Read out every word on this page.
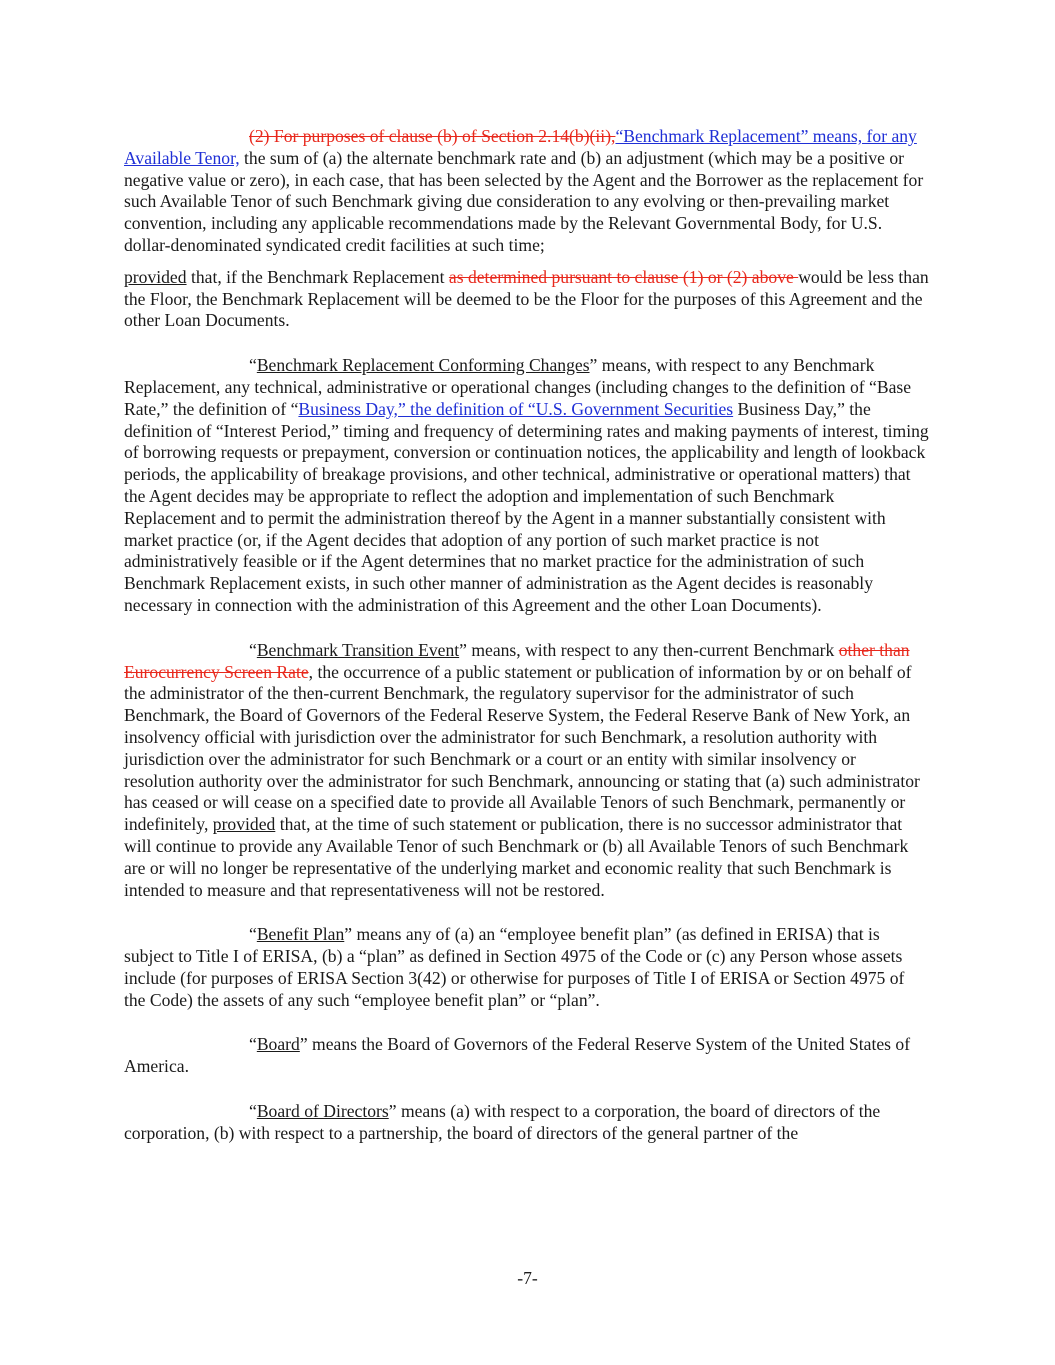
(2) For purposes of clause (b) of Section 2.14(b)(ii),“Benchmark Replacement” means, for any Available Tenor, the sum of (a) the alternate benchmark rate and (b) an adjustment (which may be a positive or negative value or zero), in each case, that has been selected by the Agent and the Borrower as the replacement for such Available Tenor of such Benchmark giving due consideration to any evolving or then-prevailing market convention, including any applicable recommendations made by the Relevant Governmental Body, for U.S. dollar-denominated syndicated credit facilities at such time;

provided that, if the Benchmark Replacement as determined pursuant to clause (1) or (2) above would be less than the Floor, the Benchmark Replacement will be deemed to be the Floor for the purposes of this Agreement and the other Loan Documents.

“Benchmark Replacement Conforming Changes” means, with respect to any Benchmark Replacement, any technical, administrative or operational changes (including changes to the definition of “Base Rate,” the definition of “Business Day,” the definition of “U.S. Government Securities Business Day,” the definition of “Interest Period,” timing and frequency of determining rates and making payments of interest, timing of borrowing requests or prepayment, conversion or continuation notices, the applicability and length of lookback periods, the applicability of breakage provisions, and other technical, administrative or operational matters) that the Agent decides may be appropriate to reflect the adoption and implementation of such Benchmark Replacement and to permit the administration thereof by the Agent in a manner substantially consistent with market practice (or, if the Agent decides that adoption of any portion of such market practice is not administratively feasible or if the Agent determines that no market practice for the administration of such Benchmark Replacement exists, in such other manner of administration as the Agent decides is reasonably necessary in connection with the administration of this Agreement and the other Loan Documents).

“Benchmark Transition Event” means, with respect to any then-current Benchmark other than Eurocurrency Screen Rate, the occurrence of a public statement or publication of information by or on behalf of the administrator of the then-current Benchmark, the regulatory supervisor for the administrator of such Benchmark, the Board of Governors of the Federal Reserve System, the Federal Reserve Bank of New York, an insolvency official with jurisdiction over the administrator for such Benchmark, a resolution authority with jurisdiction over the administrator for such Benchmark or a court or an entity with similar insolvency or resolution authority over the administrator for such Benchmark, announcing or stating that (a) such administrator has ceased or will cease on a specified date to provide all Available Tenors of such Benchmark, permanently or indefinitely, provided that, at the time of such statement or publication, there is no successor administrator that will continue to provide any Available Tenor of such Benchmark or (b) all Available Tenors of such Benchmark are or will no longer be representative of the underlying market and economic reality that such Benchmark is intended to measure and that representativeness will not be restored.

“Benefit Plan” means any of (a) an “employee benefit plan” (as defined in ERISA) that is subject to Title I of ERISA, (b) a “plan” as defined in Section 4975 of the Code or (c) any Person whose assets include (for purposes of ERISA Section 3(42) or otherwise for purposes of Title I of ERISA or Section 4975 of the Code) the assets of any such “employee benefit plan” or “plan”.

“Board” means the Board of Governors of the Federal Reserve System of the United States of America.

“Board of Directors” means (a) with respect to a corporation, the board of directors of the corporation, (b) with respect to a partnership, the board of directors of the general partner of the

-7-
